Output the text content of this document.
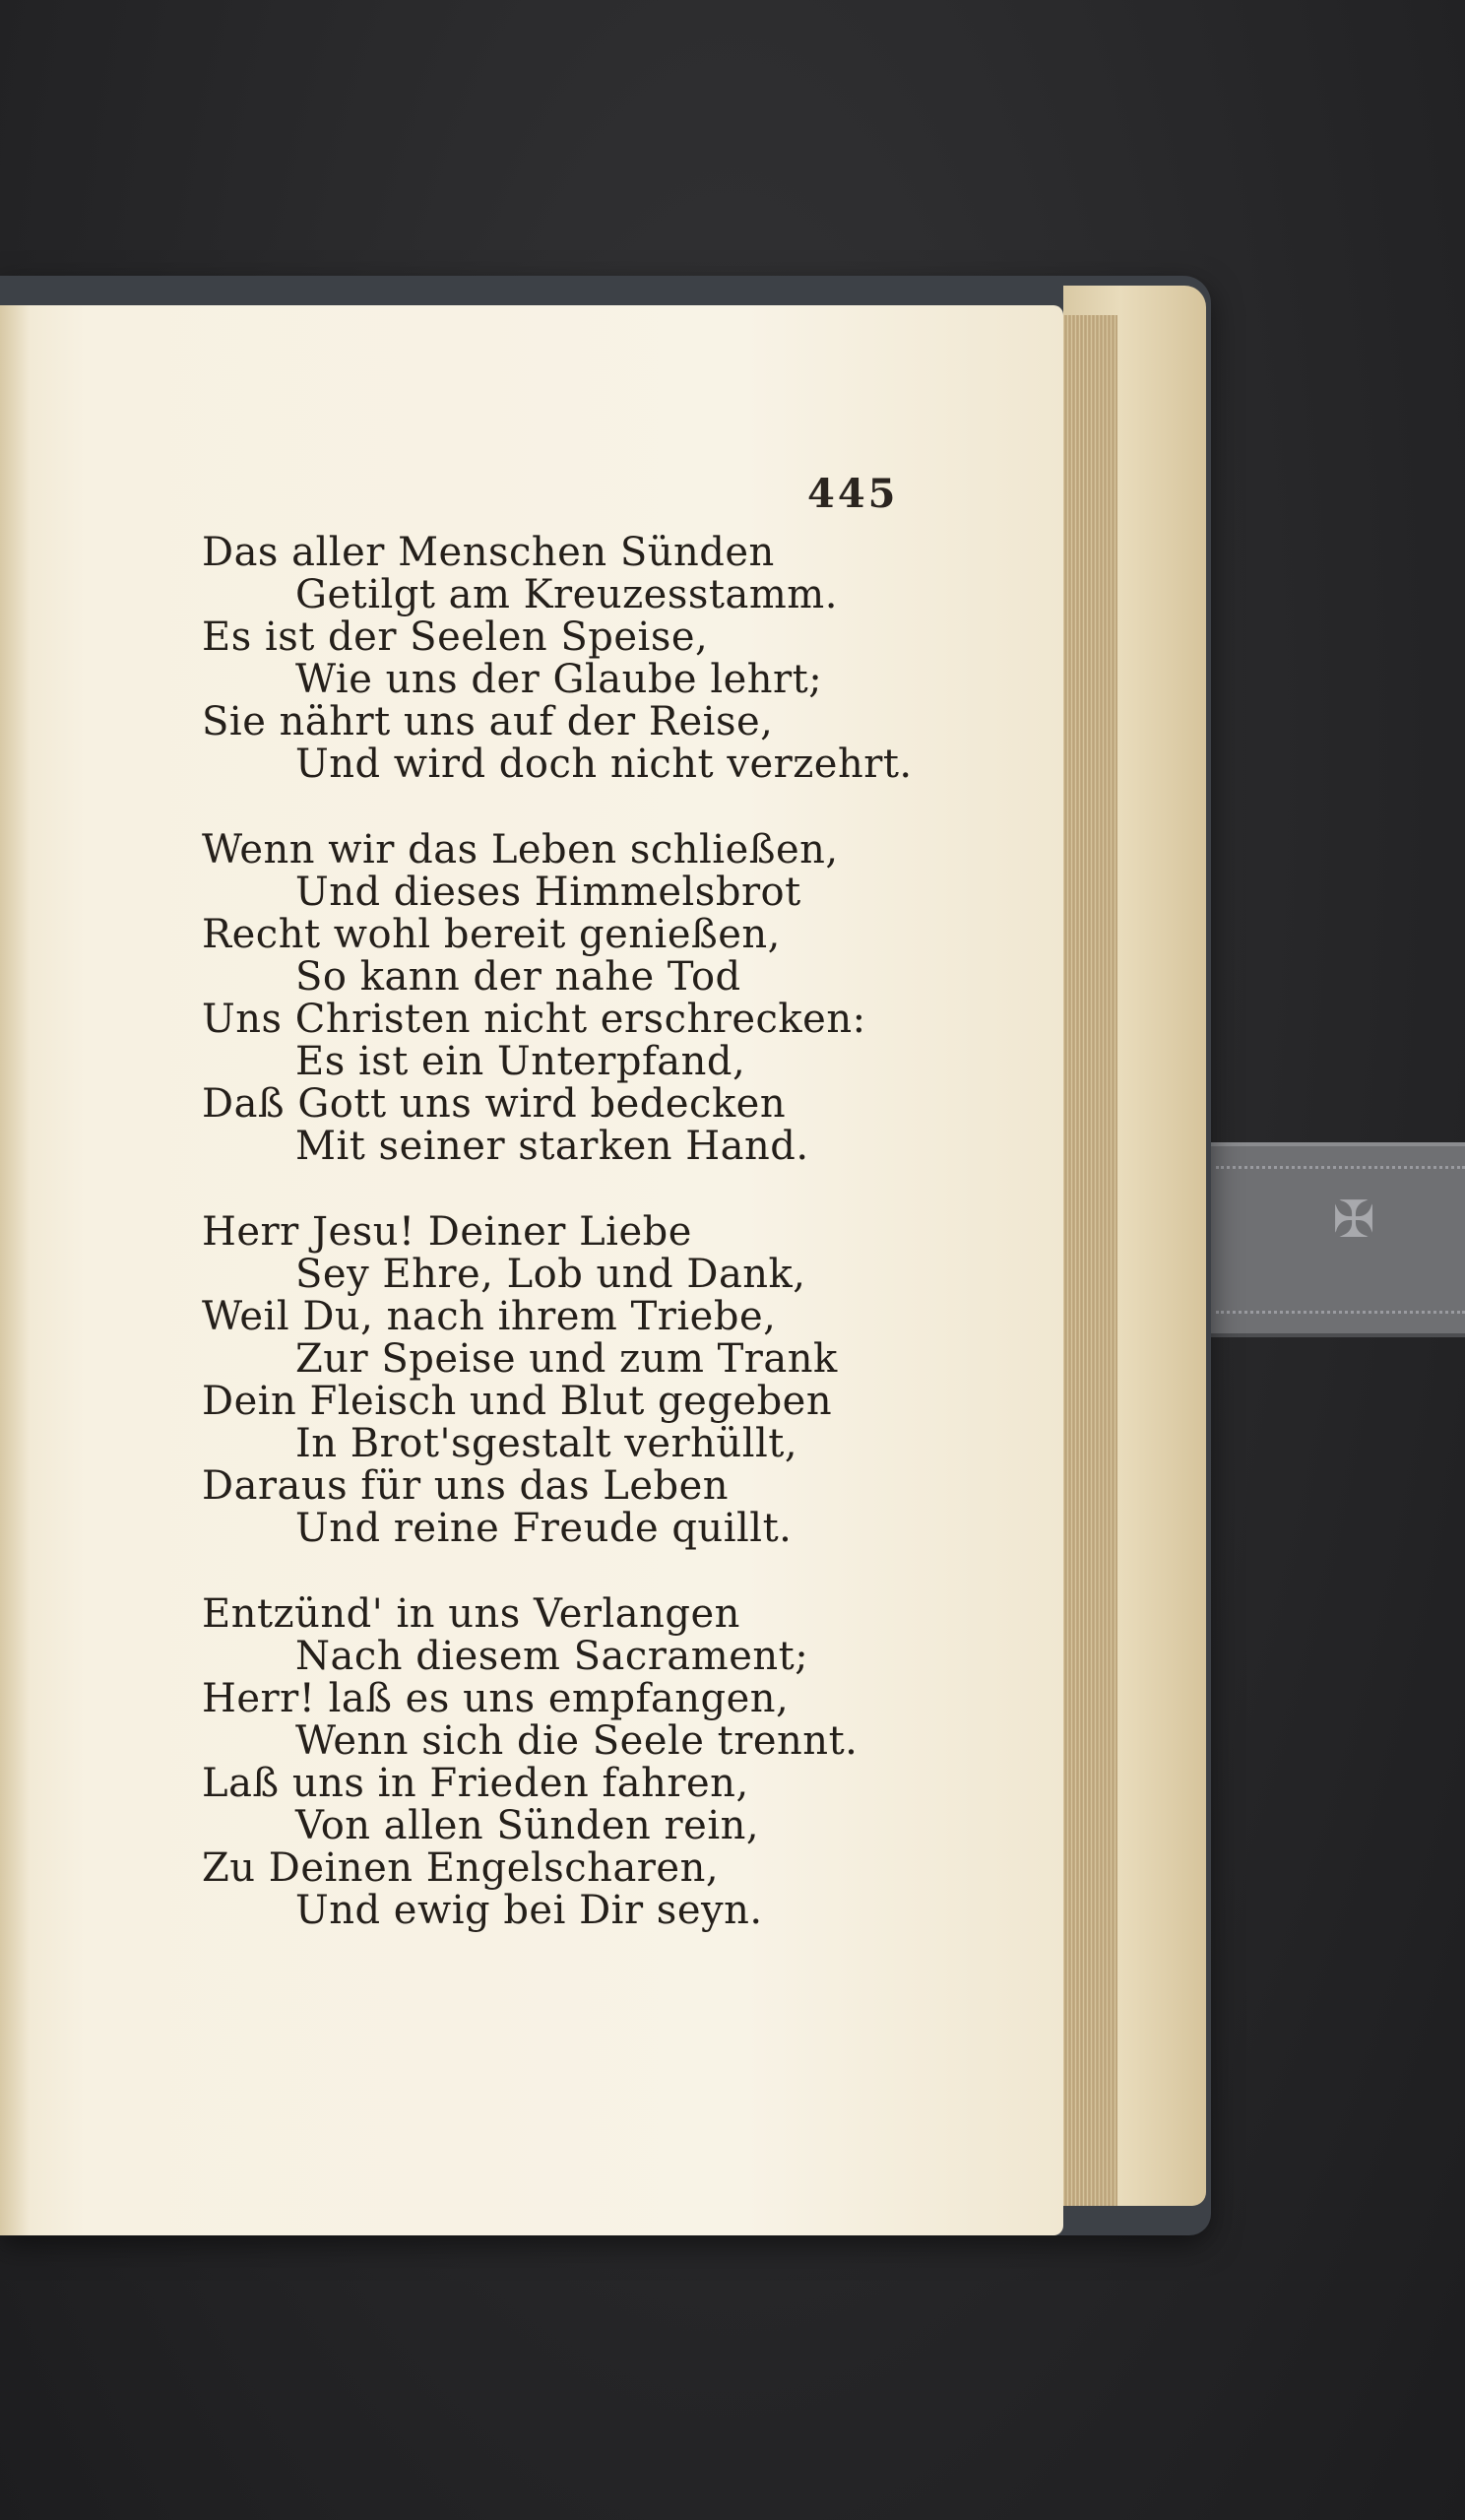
✠
445
Das aller Menschen Sünden
Getilgt am Kreuzesstamm.
Es ist der Seelen Speise,
Wie uns der Glaube lehrt;
Sie nährt uns auf der Reise,
Und wird doch nicht verzehrt.
Wenn wir das Leben schließen,
Und dieses Himmelsbrot
Recht wohl bereit genießen,
So kann der nahe Tod
Uns Christen nicht erschrecken:
Es ist ein Unterpfand,
Daß Gott uns wird bedecken
Mit seiner starken Hand.
Herr Jesu! Deiner Liebe
Sey Ehre, Lob und Dank,
Weil Du, nach ihrem Triebe,
Zur Speise und zum Trank
Dein Fleisch und Blut gegeben
In Brot'sgestalt verhüllt,
Daraus für uns das Leben
Und reine Freude quillt.
Entzünd' in uns Verlangen
Nach diesem Sacrament;
Herr! laß es uns empfangen,
Wenn sich die Seele trennt.
Laß uns in Frieden fahren,
Von allen Sünden rein,
Zu Deinen Engelscharen,
Und ewig bei Dir seyn.
